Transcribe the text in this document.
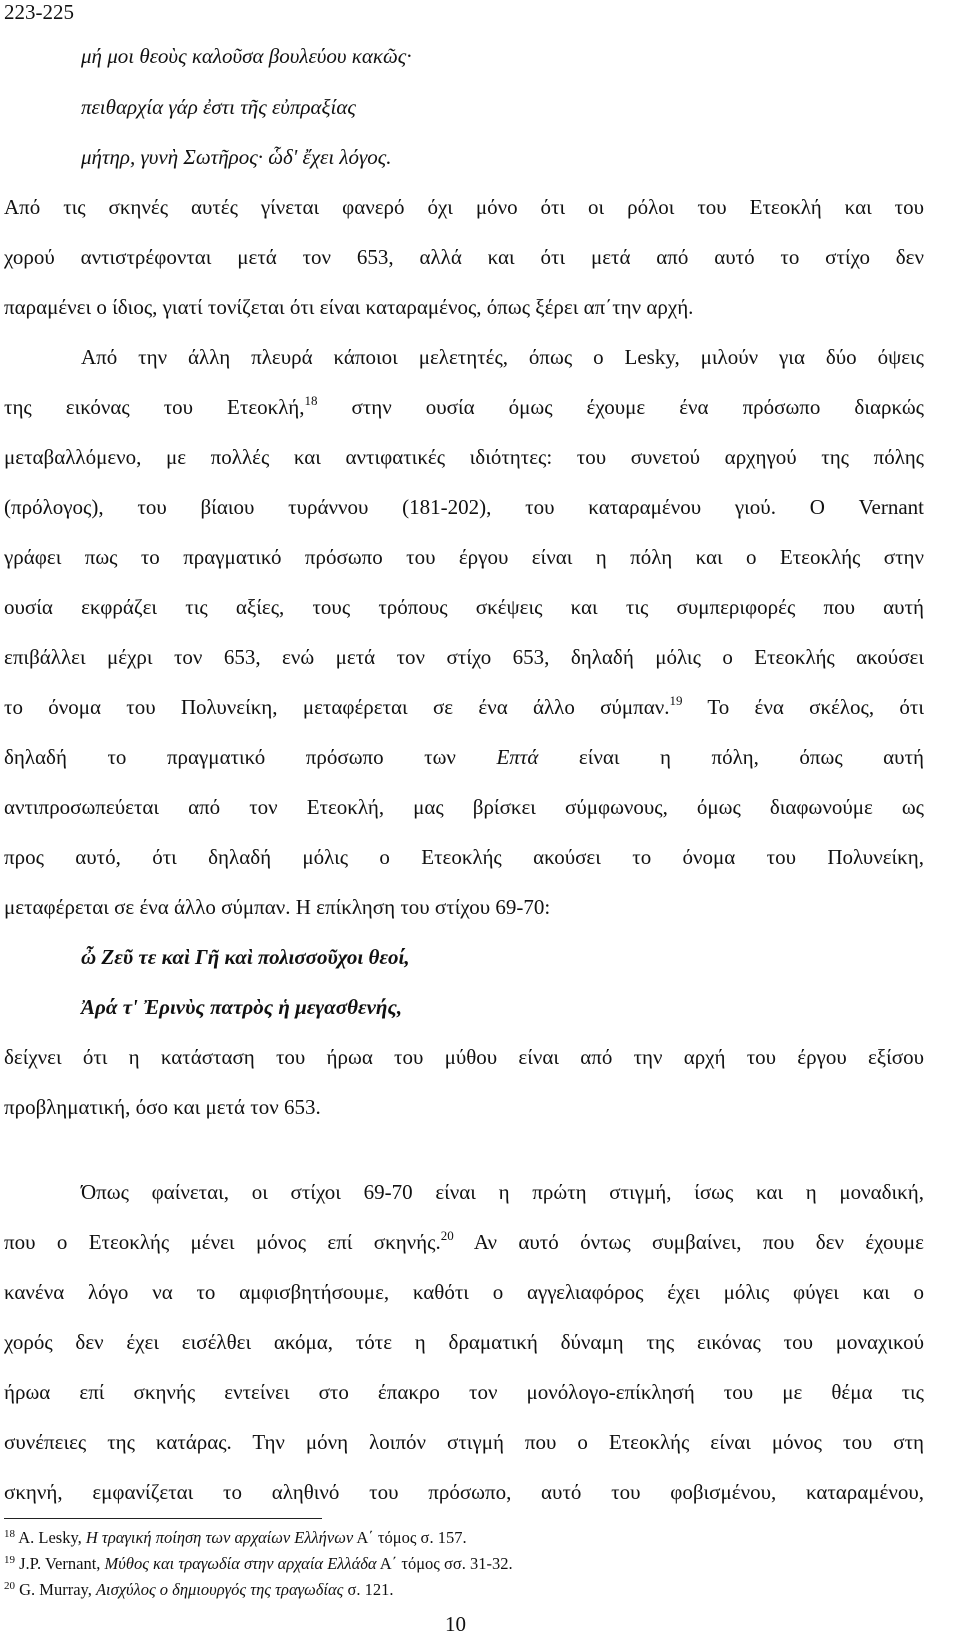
223-225
μή μοι θεοὺς καλοῦσα βουλεύου κακῶς·
πειθαρχία γάρ ἐστι τῆς εὐπραξίας
μήτηρ, γυνὴ Σωτῆρος· ὧδ' ἔχει λόγος.
Από τις σκηνές αυτές γίνεται φανερό όχι μόνο ότι οι ρόλοι του Ετεοκλή και του
χορού αντιστρέφονται μετά τον 653, αλλά και ότι μετά από αυτό το στίχο δεν
παραμένει ο ίδιος, γιατί τονίζεται ότι είναι καταραμένος, όπως ξέρει απ΄την αρχή.
Από την άλλη πλευρά κάποιοι μελετητές, όπως ο Lesky, μιλούν για δύο όψεις
της εικόνας του Ετεοκλή,$^{18}$ στην ουσία όμως έχουμε ένα πρόσωπο διαρκώς
μεταβαλλόμενο, με πολλές και αντιφατικές ιδιότητες: του συνετού αρχηγού της πόλης
(πρόλογος), του βίαιου τυράννου (181-202), του καταραμένου γιού. Ο Vernant
γράφει πως το πραγματικό πρόσωπο του έργου είναι η πόλη και ο Ετεοκλής στην
ουσία εκφράζει τις αξίες, τους τρόπους σκέψεις και τις συμπεριφορές που αυτή
επιβάλλει μέχρι τον 653, ενώ μετά τον στίχο 653, δηλαδή μόλις ο Ετεοκλής ακούσει
το όνομα του Πολυνείκη, μεταφέρεται σε ένα άλλο σύμπαν.$^{19}$ Το ένα σκέλος, ότι
δηλαδή το πραγματικό πρόσωπο των Επτά είναι η πόλη, όπως αυτή
αντιπροσωπεύεται από τον Ετεοκλή, μας βρίσκει σύμφωνους, όμως διαφωνούμε ως
προς αυτό, ότι δηλαδή μόλις ο Ετεοκλής ακούσει το όνομα του Πολυνείκη,
μεταφέρεται σε ένα άλλο σύμπαν. Η επίκληση του στίχου 69-70:
ὦ Ζεῦ τε καὶ Γῆ καὶ πολισσοῦχοι θεοί,
Ἀρά τ' Ἐρινὺς πατρὸς ἡ μεγασθενής,
δείχνει ότι η κατάσταση του ήρωα του μύθου είναι από την αρχή του έργου εξίσου
προβληματική, όσο και μετά τον 653.
Όπως φαίνεται, οι στίχοι 69-70 είναι η πρώτη στιγμή, ίσως και η μοναδική,
που ο Ετεοκλής μένει μόνος επί σκηνής.$^{20}$ Αν αυτό όντως συμβαίνει, που δεν έχουμε
κανένα λόγο να το αμφισβητήσουμε, καθότι ο αγγελιαφόρος έχει μόλις φύγει και ο
χορός δεν έχει εισέλθει ακόμα, τότε η δραματική δύναμη της εικόνας του μοναχικού
ήρωα επί σκηνής εντείνει στο έπακρο τον μονόλογο-επίκλησή του με θέμα τις
συνέπειες της κατάρας. Την μόνη λοιπόν στιγμή που ο Ετεοκλής είναι μόνος του στη
σκηνή, εμφανίζεται το αληθινό του πρόσωπο, αυτό του φοβισμένου, καταραμένου,
$^{18}$ A. Lesky, Η τραγική ποίηση των αρχαίων Ελλήνων Α΄ τόμος σ. 157.
$^{19}$ J.P. Vernant, Μύθος και τραγωδία στην αρχαία Ελλάδα Α΄ τόμος σσ. 31-32.
$^{20}$ G. Murray, Αισχύλος ο δημιουργός της τραγωδίας σ. 121.
10
